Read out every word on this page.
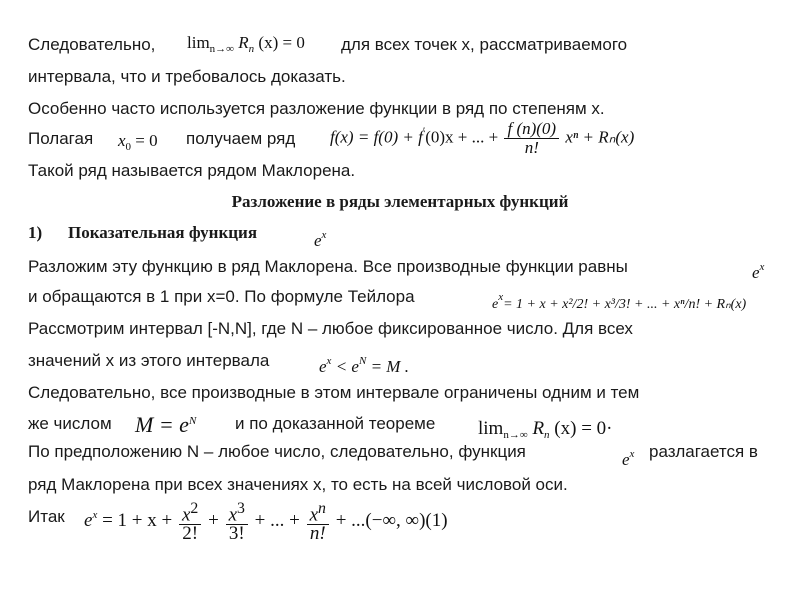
Следовательно, $\lim_{n\to\infty} R_n$ (x) = 0 для всех точек x, рассматриваемого
интервала, что и требовалось доказать.
Особенно часто используется разложение функции в ряд по степеням x.
Полагая $x_0 = 0$ получаем ряд f(x) = f(0) + f′(0)x + ... + $\frac{f (n)(0)}{n!}$ xⁿ + Rₙ(x)
Такой ряд называется рядом Маклорена.
Разложение в ряды элементарных функций
1) Показательная функция	$e^x$
Разложим эту функцию в ряд Маклорена. Все производные функции равны	$e^x$
и обращаются в 1 при x=0. По формуле Тейлора	$e^x= 1 + x + x^2/2$! + x³/3! + ... + xⁿ/n! + Rₙ(x)
Рассмотрим интервал [-N,N], где N – любое фиксированное число. Для всех
значений x из этого интервала	$e^x < e^N = M$ .
Следовательно, все производные в этом интервале ограничены одним и тем
же числом $M = e^N$ и по доказанной теореме $\lim_{n\to\infty} R_n$ (x) = 0·
По предположению N – любое число, следовательно, функция	$e^x$ разлагается в
ряд Маклорена при всех значениях x, то есть на всей числовой оси.
Итак $e^x = 1 + x + \frac{x^2}{2!} + \frac{x^3}{3!}$ + ... + $\frac{x^n}{n!}$ + ...(−∞, ∞)(1)
